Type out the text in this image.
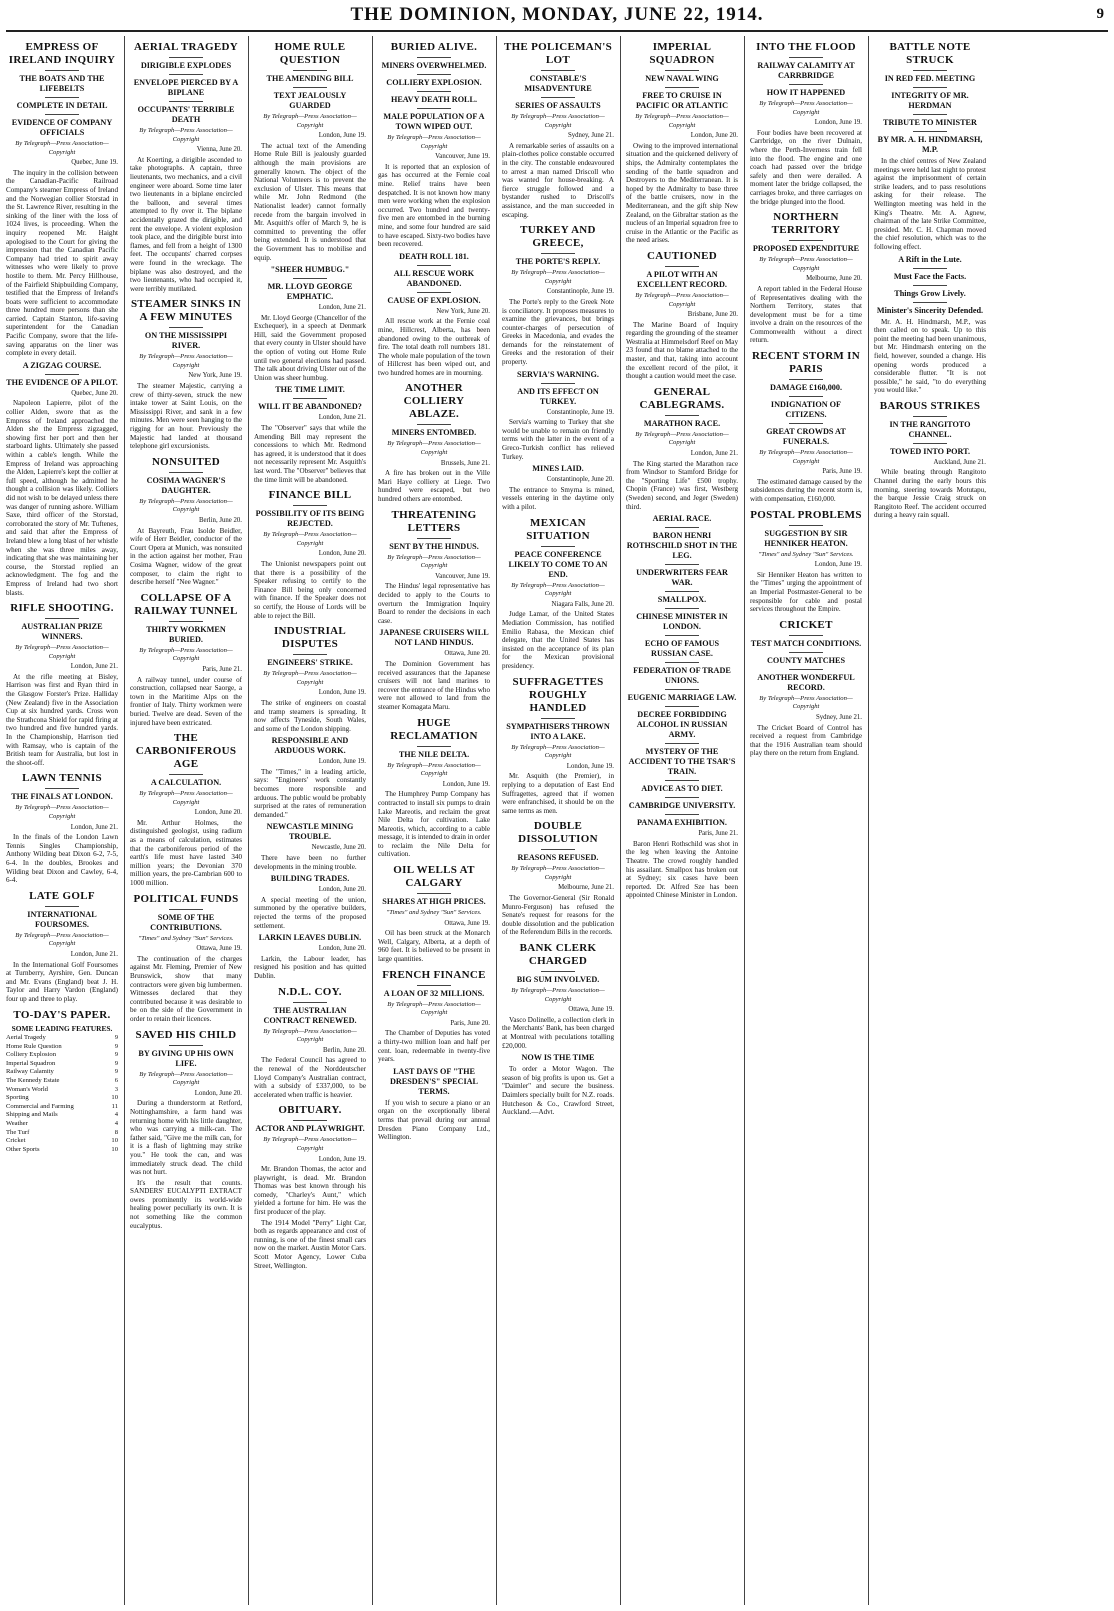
THE DOMINION, MONDAY, JUNE 22, 1914.	9
EMPRESS OF IRELAND INQUIRY
THE BOATS AND THE LIFEBELTS
COMPLETE IN DETAIL
EVIDENCE OF COMPANY OFFICIALS
By Telegraph—Press Association—Copyright
Quebec, June 19.

The inquiry in the collision between the Canadian-Pacific Railroad Company's steamer Empress of Ireland and the Norwegian collier Storstad in the St. Lawrence River, resulting in the sinking of the liner with the loss of 1024 lives, is proceeding. When the inquiry reopened Mr. Haight apologised to the Court for giving the impression that the Canadian Pacific Company had tried to spirit away witnesses who were likely to prove hostile to them. Mr. Percy Hillhouse, of the Fairfield Shipbuilding Company, testified that the Empress of Ireland's boats were sufficient to accommodate three hundred more persons than she carried. Captain Stanton, life-saving superintendent for the Canadian Pacific Company, swore that the life-saving apparatus on the liner was complete in every detail.

A ZIGZAG COURSE.
THE EVIDENCE OF A PILOT.
Quebec, June 20.

Napoleon Lapierre, pilot of the collier Alden, swore that as the Empress of Ireland approached the Alden she the Empress zigzagged, showing first her port and then her starboard lights. Ultimately she passed within a cable's length. While the Empress of Ireland was approaching the Alden, Lapierre's kept the collier at full speed, although he admitted he thought a collision was likely. Colliers did not wish to be delayed unless there was danger of running ashore. William Saxe, third officer of the Storstad, corroborated the story of Mr. Tuftenes, and said that after the Empress of Ireland blew a long blast of her whistle when she was three miles away, indicating that she was maintaining her course, the Storstad replied an acknowledgment. The fog and the Empress of Ireland had two short blasts.

RIFLE SHOOTING.
AUSTRALIAN PRIZE WINNERS.
By Telegraph—Press Association—Copyright
London, June 21.

At the rifle meeting at Bisley, Harrison was first and Ryan third in the Glasgow Forster's Prize. Halliday (New Zealand) five in the Association Cup at six hundred yards. Cross won the Strathcona Shield for rapid firing at two hundred and five hundred yards. In the Championship, Harrison tied with Ramsay, who is captain of the British team for Australia, but lost in the shoot-off.

LAWN TENNIS
THE FINALS AT LONDON.
By Telegraph—Press Association—Copyright
London, June 21.

In the finals of the London Lawn Tennis Singles Championship, Anthony Wilding beat Dixon 6-2, 7-5, 6-4. In the doubles, Brookes and Wilding beat Dixon and Cawley, 6-4, 6-4.

LATE GOLF
INTERNATIONAL FOURSOMES.
By Telegraph—Press Association—Copyright
London, June 21.

In the International Golf Foursomes at Turnberry, Ayrshire, Gen. Duncan and Mr. Evans (England) beat J. H. Taylor and Harry Vardon (England) four up and three to play.

TO-DAY'S PAPER.
SOME LEADING FEATURES.
Aerial Tragedy	9
Home Rule Question	9
Colliery Explosion	9
Imperial Squadron	9
Railway Calamity	9
The Kennedy Estate	6
Woman's World	3
Sporting	10
Commercial and Farming	11
Shipping and Mails	4
Weather	4
The Turf	8
Cricket	10
Other Sports	10
AERIAL TRAGEDY
DIRIGIBLE EXPLODES
ENVELOPE PIERCED BY A BIPLANE
OCCUPANTS' TERRIBLE DEATH
By Telegraph—Press Association—Copyright
Vienna, June 20.

At Koerting, a dirigible ascended to take photographs. A captain, three lieutenants, two mechanics, and a civil engineer were aboard. Some time later two lieutenants in a biplane encircled the balloon, and several times attempted to fly over it. The biplane accidentally grazed the dirigible, and rent the envelope. A violent explosion took place, and the dirigible burst into flames, and fell from a height of 1300 feet. The occupants' charred corpses were found in the wreckage. The biplane was also destroyed, and the two lieutenants, who had occupied it, were terribly mutilated.

STEAMER SINKS IN A FEW MINUTES
ON THE MISSISSIPPI RIVER.
By Telegraph—Press Association—Copyright
New York, June 19.

The steamer Majestic, carrying a crew of thirty-seven, struck the new intake tower at Saint Louis, on the Mississippi River, and sank in a few minutes. Men were seen hanging to the rigging for an hour. Previously the Majestic had landed at thousand telephone girl excursionists.

NONSUITED
COSIMA WAGNER'S DAUGHTER.
By Telegraph—Press Association—Copyright
Berlin, June 20.

At Bayreuth, Frau Isolde Beidler, wife of Herr Beidler, conductor of the Court Opera at Munich, was nonsuited in the action against her mother, Frau Cosima Wagner, widow of the great composer, to claim the right to describe herself "Nee Wagner."

COLLAPSE OF A RAILWAY TUNNEL
THIRTY WORKMEN BURIED.
By Telegraph—Press Association—Copyright
Paris, June 21.

A railway tunnel, under course of construction, collapsed near Saorge, a town in the Maritime Alps on the frontier of Italy. Thirty workmen were buried. Twelve are dead. Seven of the injured have been extricated.

THE CARBONIFEROUS AGE
A CALCULATION.
By Telegraph—Press Association—Copyright
London, June 20.

Mr. Arthur Holmes, the distinguished geologist, using radium as a means of calculation, estimates that the carboniferous period of the earth's life must have lasted 340 million years; the Devonian 370 million years, the pre-Cambrian 600 to 1000 million.

POLITICAL FUNDS
SOME OF THE CONTRIBUTIONS.
"Times" and Sydney "Sun" Services.
Ottawa, June 19.

The continuation of the charges against Mr. Fleming, Premier of New Brunswick, show that many contractors were given big lumbermen. Witnesses declared that they contributed because it was desirable to be on the side of the Government in order to retain their licences.

SAVED HIS CHILD
BY GIVING UP HIS OWN LIFE.
By Telegraph—Press Association—Copyright
London, June 20.

During a thunderstorm at Retford, Nottinghamshire, a farm hand was returning home with his little daughter, who was carrying a milk-can. The father said, "Give me the milk can, for it is a flash of lightning may strike you." He took the can, and was immediately struck dead. The child was not hurt.

It's the result that counts. SANDERS' EUCALYPTI EXTRACT owes prominently its world-wide healing power peculiarly its own. It is not something like the common eucalyptus.

HOME RULE QUESTION
THE AMENDING BILL
TEXT JEALOUSLY GUARDED
By Telegraph—Press Association—Copyright
London, June 19.

The actual text of the Amending Home Rule Bill is jealously guarded although the main provisions are generally known. The object of the National Volunteers is to prevent the exclusion of Ulster. This means that while Mr. John Redmond (the Nationalist leader) cannot formally recede from the bargain involved in Mr. Asquith's offer of March 9, he is committed to preventing the offer being extended. It is understood that the Government has to mobilise and equip.

"SHEER HUMBUG."
MR. LLOYD GEORGE EMPHATIC.
London, June 21.

Mr. Lloyd George (Chancellor of the Exchequer), in a speech at Denmark Hill, said the Government proposed that every county in Ulster should have the option of voting out Home Rule until two general elections had passed. The talk about driving Ulster out of the Union was sheer humbug.

THE TIME LIMIT.
WILL IT BE ABANDONED?
London, June 21.

The "Observer" says that while the Amending Bill may represent the concessions to which Mr. Redmond has agreed, it is understood that it does not necessarily represent Mr. Asquith's last word. The "Observer" believes that the time limit will be abandoned.

FINANCE BILL
POSSIBILITY OF ITS BEING REJECTED.
By Telegraph—Press Association—Copyright
London, June 20.

The Unionist newspapers point out that there is a possibility of the Speaker refusing to certify to the Finance Bill being only concerned with finance. If the Speaker does not so certify, the House of Lords will be able to reject the Bill.

INDUSTRIAL DISPUTES
ENGINEERS' STRIKE.
By Telegraph—Press Association—Copyright
London, June 19.

The strike of engineers on coastal and tramp steamers is spreading. It now affects Tyneside, South Wales, and some of the London shipping.

RESPONSIBLE AND ARDUOUS WORK.
London, June 19.

The "Times," in a leading article, says: "Engineers' work constantly becomes more responsible and arduous. The public would be probably surprised at the rates of remuneration demanded."

NEWCASTLE MINING TROUBLE.
Newcastle, June 20.

There have been no further developments in the mining trouble.

BUILDING TRADES.
London, June 20.

A special meeting of the union, summoned by the operative builders, rejected the terms of the proposed settlement.

LARKIN LEAVES DUBLIN.
London, June 20.

Larkin, the Labour leader, has resigned his position and has quitted Dublin.

N.D.L. COY.
THE AUSTRALIAN CONTRACT RENEWED.
By Telegraph—Press Association—Copyright
Berlin, June 20.

The Federal Council has agreed to the renewal of the Norddeutscher Lloyd Company's Australian contract, with a subsidy of £337,000, to be accelerated when traffic is heavier.

OBITUARY.
ACTOR AND PLAYWRIGHT.
By Telegraph—Press Association—Copyright
London, June 19.

Mr. Brandon Thomas, the actor and playwright, is dead. Mr. Brandon Thomas was best known through his comedy, "Charley's Aunt," which yielded a fortune for him. He was the first producer of the play.

The 1914 Model "Perry" Light Car, both as regards appearance and cost of running, is one of the finest small cars now on the market. Austin Motor Cars. Scott Motor Agency, Lower Cuba Street, Wellington.

BURIED ALIVE.
MINERS OVERWHELMED.
COLLIERY EXPLOSION.
HEAVY DEATH ROLL.
MALE POPULATION OF A TOWN WIPED OUT.
By Telegraph—Press Association—Copyright
Vancouver, June 19.

It is reported that an explosion of gas has occurred at the Fernie coal mine. Relief trains have been despatched. It is not known how many men were working when the explosion occurred. Two hundred and twenty-five men are entombed in the burning mine, and some four hundred are said to have escaped. Sixty-two bodies have been recovered.

DEATH ROLL 181.
ALL RESCUE WORK ABANDONED.
CAUSE OF EXPLOSION.
New York, June 20.

All rescue work at the Fernie coal mine, Hillcrest, Alberta, has been abandoned owing to the outbreak of fire. The total death roll numbers 181. The whole male population of the town of Hillcrest has been wiped out, and two hundred homes are in mourning.

ANOTHER COLLIERY ABLAZE.
MINERS ENTOMBED.
By Telegraph—Press Association—Copyright
Brussels, June 21.

A fire has broken out in the Ville Mari Haye colliery at Liege. Two hundred were escaped, but two hundred others are entombed.

THREATENING LETTERS
SENT BY THE HINDUS.
By Telegraph—Press Association—Copyright
Vancouver, June 19.

The Hindus' legal representative has decided to apply to the Courts to overturn the Immigration Inquiry Board to render the decisions in each case.

JAPANESE CRUISERS WILL NOT LAND HINDUS.
Ottawa, June 20.

The Dominion Government has received assurances that the Japanese cruisers will not land marines to recover the entrance of the Hindus who were not allowed to land from the steamer Komagata Maru.

HUGE RECLAMATION
THE NILE DELTA.
By Telegraph—Press Association—Copyright
London, June 19.

The Humphrey Pump Company has contracted to install six pumps to drain Lake Mareotis, and reclaim the great Nile Delta for cultivation. Lake Mareotis, which, according to a cable message, it is intended to drain in order to reclaim the Nile Delta for cultivation.

OIL WELLS AT CALGARY
SHARES AT HIGH PRICES.
"Times" and Sydney "Sun" Services.
Ottawa, June 19.

Oil has been struck at the Monarch Well, Calgary, Alberta, at a depth of 960 feet. It is believed to be present in large quantities.

FRENCH FINANCE
A LOAN OF 32 MILLIONS.
By Telegraph—Press Association—Copyright
Paris, June 20.

The Chamber of Deputies has voted a thirty-two million loan and half per cent. loan, redeemable in twenty-five years.

LAST DAYS OF "THE DRESDEN'S" SPECIAL TERMS.

If you wish to secure a piano or an organ on the exceptionally liberal terms that prevail during our annual Dresden Piano Company Ltd., Wellington.

THE POLICEMAN'S LOT
CONSTABLE'S MISADVENTURE
SERIES OF ASSAULTS
By Telegraph—Press Association—Copyright
Sydney, June 21.

A remarkable series of assaults on a plain-clothes police constable occurred in the city. The constable endeavoured to arrest a man named Driscoll who was wanted for house-breaking. A fierce struggle followed and a bystander rushed to Driscoll's assistance, and the man succeeded in escaping.

TURKEY AND GREECE,
THE PORTE'S REPLY.
By Telegraph—Press Association—Copyright
Constantinople, June 19.

The Porte's reply to the Greek Note is conciliatory. It proposes measures to examine the grievances, but brings counter-charges of persecution of Greeks in Macedonia, and evades the demands for the reinstatement of Greeks and the restoration of their property.

SERVIA'S WARNING.
AND ITS EFFECT ON TURKEY.
Constantinople, June 19.

Servia's warning to Turkey that she would be unable to remain on friendly terms with the latter in the event of a Greco-Turkish conflict has relieved Turkey.

MINES LAID.
Constantinople, June 20.

The entrance to Smyrna is mined, vessels entering in the daytime only with a pilot.

MEXICAN SITUATION
PEACE CONFERENCE LIKELY TO COME TO AN END.
By Telegraph—Press Association—Copyright
Niagara Falls, June 20.

Judge Lamar, of the United States Mediation Commission, has notified Emilio Rabasa, the Mexican chief delegate, that the United States has insisted on the acceptance of its plan for the Mexican provisional presidency.

SUFFRAGETTES ROUGHLY HANDLED
SYMPATHISERS THROWN INTO A LAKE.
By Telegraph—Press Association—Copyright
London, June 19.

Mr. Asquith (the Premier), in replying to a deputation of East End Suffragettes, agreed that if women were enfranchised, it should be on the same terms as men.

DOUBLE DISSOLUTION
REASONS REFUSED.
By Telegraph—Press Association—Copyright
Melbourne, June 21.

The Governor-General (Sir Ronald Munro-Ferguson) has refused the Senate's request for reasons for the double dissolution and the publication of the Referendum Bills in the records.

BANK CLERK CHARGED
BIG SUM INVOLVED.
By Telegraph—Press Association—Copyright
Ottawa, June 19.

Vasco Dolinelle, a collection clerk in the Merchants' Bank, has been charged at Montreal with peculations totalling £20,000.

NOW IS THE TIME

To order a Motor Wagon. The season of big profits is upon us. Get a "Daimler" and secure the business. Daimlers specially built for N.Z. roads. Hutcheson & Co., Crawford Street, Auckland.—Advt.

IMPERIAL SQUADRON
NEW NAVAL WING
FREE TO CRUISE IN PACIFIC OR ATLANTIC
By Telegraph—Press Association—Copyright
London, June 20.

Owing to the improved international situation and the quickened delivery of ships, the Admiralty contemplates the sending of the battle squadron and Destroyers to the Mediterranean. It is hoped by the Admiralty to base three of the battle cruisers, now in the Mediterranean, and the gift ship New Zealand, on the Gibraltar station as the nucleus of an Imperial squadron free to cruise in the Atlantic or the Pacific as the need arises.

CAUTIONED
A PILOT WITH AN EXCELLENT RECORD.
By Telegraph—Press Association—Copyright
Brisbane, June 20.

The Marine Board of Inquiry regarding the grounding of the steamer Westralia at Himmelsdorf Reef on May 23 found that no blame attached to the master, and that, taking into account the excellent record of the pilot, it thought a caution would meet the case.

GENERAL CABLEGRAMS.
MARATHON RACE.
By Telegraph—Press Association—Copyright
London, June 21.

The King started the Marathon race from Windsor to Stamford Bridge for the "Sporting Life" £500 trophy. Chopin (France) was first, Westberg (Sweden) second, and Jeger (Sweden) third.

AERIAL RACE.
BARON HENRI ROTHSCHILD SHOT IN THE LEG.
UNDERWRITERS FEAR WAR.
SMALLPOX.
CHINESE MINISTER IN LONDON.
ECHO OF FAMOUS RUSSIAN CASE.
FEDERATION OF TRADE UNIONS.
EUGENIC MARRIAGE LAW.
DECREE FORBIDDING ALCOHOL IN RUSSIAN ARMY.
MYSTERY OF THE ACCIDENT TO THE TSAR'S TRAIN.
ADVICE AS TO DIET.
CAMBRIDGE UNIVERSITY.
PANAMA EXHIBITION.
Paris, June 21.

Baron Henri Rothschild was shot in the leg when leaving the Antoine Theatre. The crowd roughly handled his assailant. Smallpox has broken out at Sydney; six cases have been reported. Dr. Alfred Sze has been appointed Chinese Minister in London.

INTO THE FLOOD
RAILWAY CALAMITY AT CARRBRIDGE
HOW IT HAPPENED
By Telegraph—Press Association—Copyright
London, June 19.

Four bodies have been recovered at Carrbridge, on the river Dulnain, where the Perth-Inverness train fell into the flood. The engine and one coach had passed over the bridge safely and then were derailed. A moment later the bridge collapsed, the carriages broke, and three carriages on the bridge plunged into the flood.

NORTHERN TERRITORY
PROPOSED EXPENDITURE
By Telegraph—Press Association—Copyright
Melbourne, June 20.

A report tabled in the Federal House of Representatives dealing with the Northern Territory, states that development must be for a time involve a drain on the resources of the Commonwealth without a direct return.

RECENT STORM IN PARIS
DAMAGE £160,000.
INDIGNATION OF CITIZENS.
GREAT CROWDS AT FUNERALS.
By Telegraph—Press Association—Copyright
Paris, June 19.

The estimated damage caused by the subsidences during the recent storm is, with compensation, £160,000.

POSTAL PROBLEMS
SUGGESTION BY SIR HENNIKER HEATON.
"Times" and Sydney "Sun" Services.
London, June 19.

Sir Henniker Heaton has written to the "Times" urging the appointment of an Imperial Postmaster-General to be responsible for cable and postal services throughout the Empire.

CRICKET
TEST MATCH CONDITIONS.
COUNTY MATCHES
ANOTHER WONDERFUL RECORD.
By Telegraph—Press Association—Copyright
Sydney, June 21.

The Cricket Board of Control has received a request from Cambridge that the 1916 Australian team should play there on the return from England.

BATTLE NOTE STRUCK
IN RED FED. MEETING
INTEGRITY OF MR. HERDMAN
TRIBUTE TO MINISTER
BY MR. A. H. HINDMARSH, M.P.

In the chief centres of New Zealand meetings were held last night to protest against the imprisonment of certain strike leaders, and to pass resolutions asking for their release. The Wellington meeting was held in the King's Theatre. Mr. A. Agnew, chairman of the late Strike Committee, presided. Mr. C. H. Chapman moved the chief resolution, which was to the following effect.

A Rift in the Lute.
Must Face the Facts.
Things Grow Lively.
Minister's Sincerity Defended.

Mr. A. H. Hindmarsh, M.P., was then called on to speak. Up to this point the meeting had been unanimous, but Mr. Hindmarsh entering on the field, however, sounded a change. His opening words produced a considerable flutter. "It is not possible," he said, "to do everything you would like."

BAROUS STRIKES
IN THE RANGITOTO CHANNEL.
TOWED INTO PORT.
Auckland, June 21.

While beating through Rangitoto Channel during the early hours this morning, steering towards Motutapu, the barque Jessie Craig struck on Rangitoto Reef. The accident occurred during a heavy rain squall.
